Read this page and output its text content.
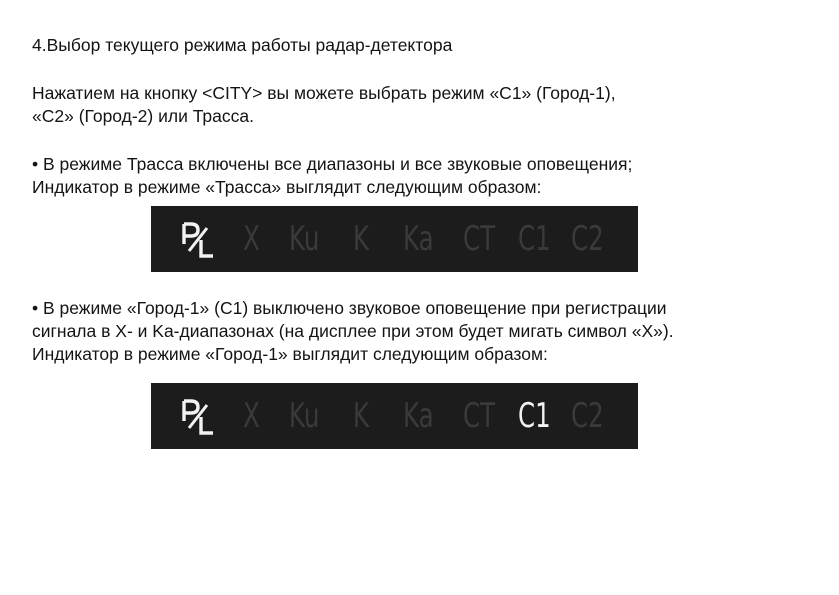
4.Выбор текущего режима работы радар-детектора
Нажатием на кнопку <CITY> вы можете выбрать режим «C1» (Город-1),
«C2» (Город-2) или Трасса.
• В режиме Трасса включены все диапазоны и все звуковые оповещения;
Индикатор в режиме «Трасса» выглядит следующим образом:
X Ku K Ka CT C1 C2
• В режиме «Город-1» (C1) выключено звуковое оповещение при регистрации
сигнала в X- и Ka-диапазонах (на дисплее при этом будет мигать символ «X»).
Индикатор в режиме «Город-1» выглядит следующим образом:
X Ku K Ka CT C1 C2
